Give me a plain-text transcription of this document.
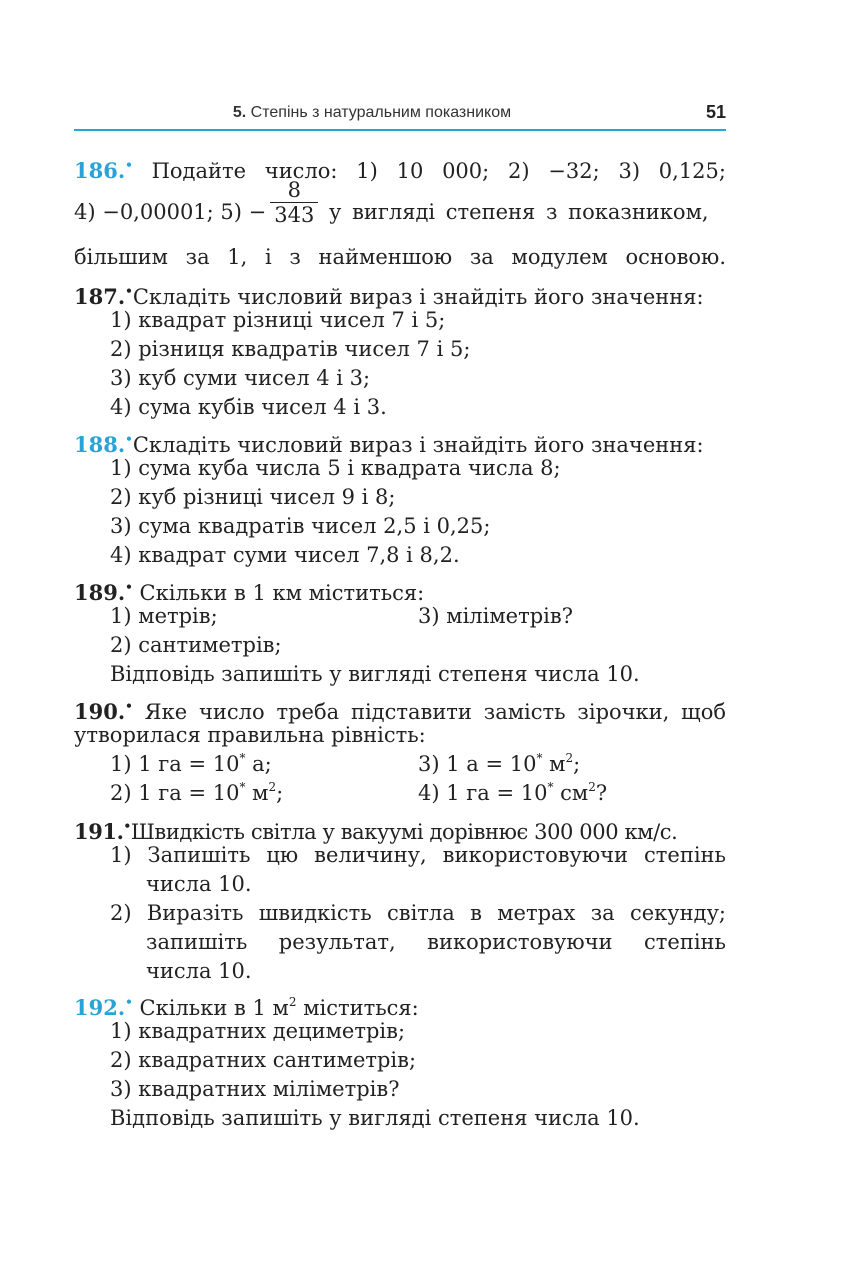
5. Степінь з натуральним показником	51
186.• Подайте число: 1) 10 000; 2) −32; 3) 0,125;
4) −0,00001; $5) - \frac{8}{343}$ у вигляді степеня з показником,
більшим за 1, і з найменшою за модулем основою.
187.•Складіть числовий вираз і знайдіть його значення:
1) квадрат різниці чисел 7 і 5;
2) різниця квадратів чисел 7 і 5;
3) куб суми чисел 4 і 3;
4) сума кубів чисел 4 і 3.
188.•Складіть числовий вираз і знайдіть його значення:
1) сума куба числа 5 і квадрата числа 8;
2) куб різниці чисел 9 і 8;
3) сума квадратів чисел 2,5 і 0,25;
4) квадрат суми чисел 7,8 і 8,2.
189.• Скільки в 1 км міститься:
1) метрів;	3) міліметрів?
2) сантиметрів;
Відповідь запишіть у вигляді степеня числа 10.
190.• Яке число треба підставити замість зірочки, щоб
утворилася правильна рівність:
1) 1 га = 10* а;	3) 1 а = 10* $м^2$;
2) 1 га = 10* $м^2$;	4) 1 га = 10* $см^2$?
191.•Швидкість світла у вакуумі дорівнює 300 000 км/с.
1) Запишіть цю величину, використовуючи степінь
числа 10.
2) Виразіть швидкість світла в метрах за секунду;
запишіть результат, використовуючи степінь
числа 10.
192.• Скільки в 1 $м^2$ міститься:
1) квадратних дециметрів;
2) квадратних сантиметрів;
3) квадратних міліметрів?
Відповідь запишіть у вигляді степеня числа 10.
